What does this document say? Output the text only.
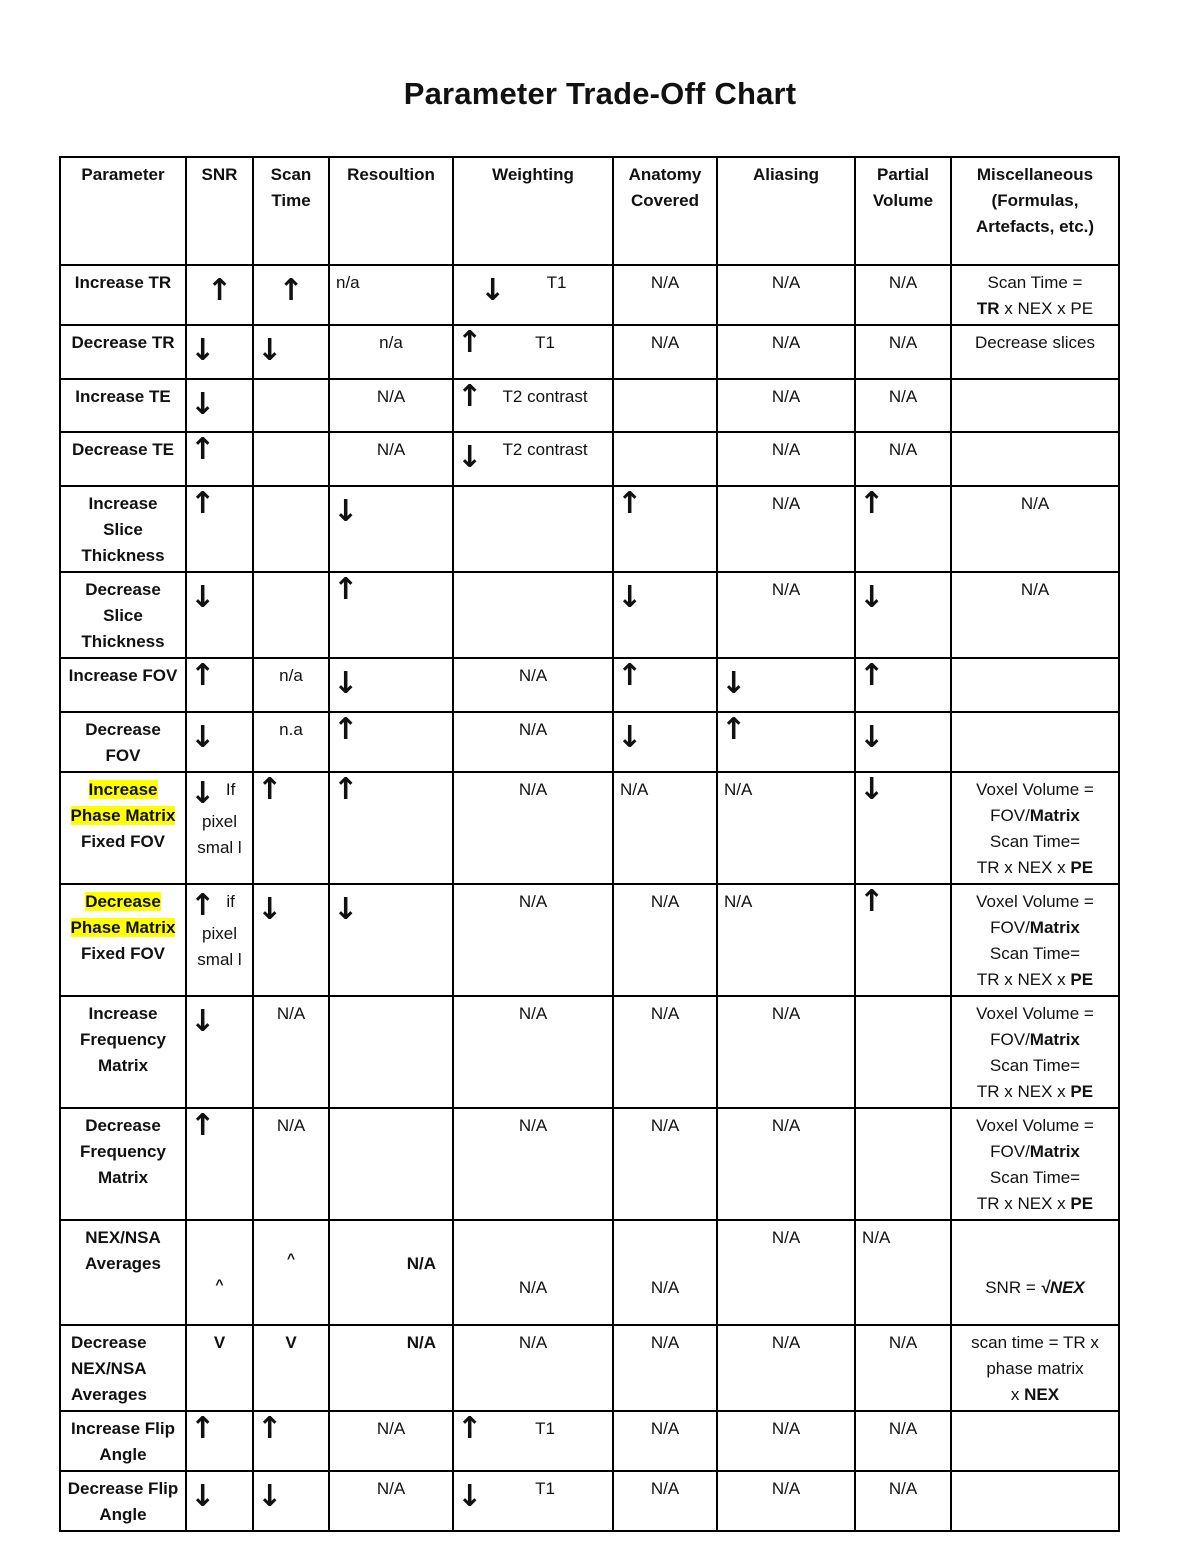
Parameter Trade-Off Chart
Parameter	SNR	Scan Time	Resoultion	Weighting	Anatomy Covered	Aliasing	Partial Volume	Miscellaneous (Formulas, Artefacts, etc.)
Increase TR	↑	↑	n/a	↓ T1	N/A	N/A	N/A	Scan Time =
TR x NEX x PE
Decrease TR	↓	↓	n/a	↑ T1	N/A	N/A	N/A	Decrease slices
Increase TE	↓		N/A	↑ T2 contrast		N/A	N/A	
Decrease TE	↑		N/A	↓ T2 contrast		N/A	N/A	
Increase Slice Thickness	↑		↓		↑	N/A	↑	N/A
Decrease Slice Thickness	↓		↑		↓	N/A	↓	N/A
Increase FOV	↑	n/a	↓	N/A	↑	↓	↑	

Decrease FOV	↓	n.a	↑	N/A	↓	↑	↓	

Increase Phase Matrix
Fixed FOV	↓ If pixel smal l	↑	↑	N/A	N/A	N/A	↓	Voxel Volume =
FOV/Matrix
Scan Time=
TR x NEX x PE

Decrease Phase Matrix
Fixed FOV	↑ if pixel smal l	↓	↓	N/A	N/A	N/A	↑	Voxel Volume =
FOV/Matrix
Scan Time=
TR x NEX x PE

Increase Frequency Matrix	↓	N/A		N/A	N/A	N/A		Voxel Volume =
FOV/Matrix
Scan Time=
TR x NEX x PE

Decrease Frequency Matrix	↑	N/A		N/A	N/A	N/A		Voxel Volume =
FOV/Matrix
Scan Time=
TR x NEX x PE

NEX/NSA Averages	^	^	N/A	N/A	N/A	N/A	N/A	SNR = √NEX

Decrease NEX/NSA Averages	V	V	N/A	N/A	N/A	N/A	N/A	scan time = TR x
phase matrix
x NEX

Increase Flip Angle	↑	↑	N/A	↑ T1	N/A	N/A	N/A	
Decrease Flip Angle	↓	↓	N/A	↓ T1	N/A	N/A	N/A	
